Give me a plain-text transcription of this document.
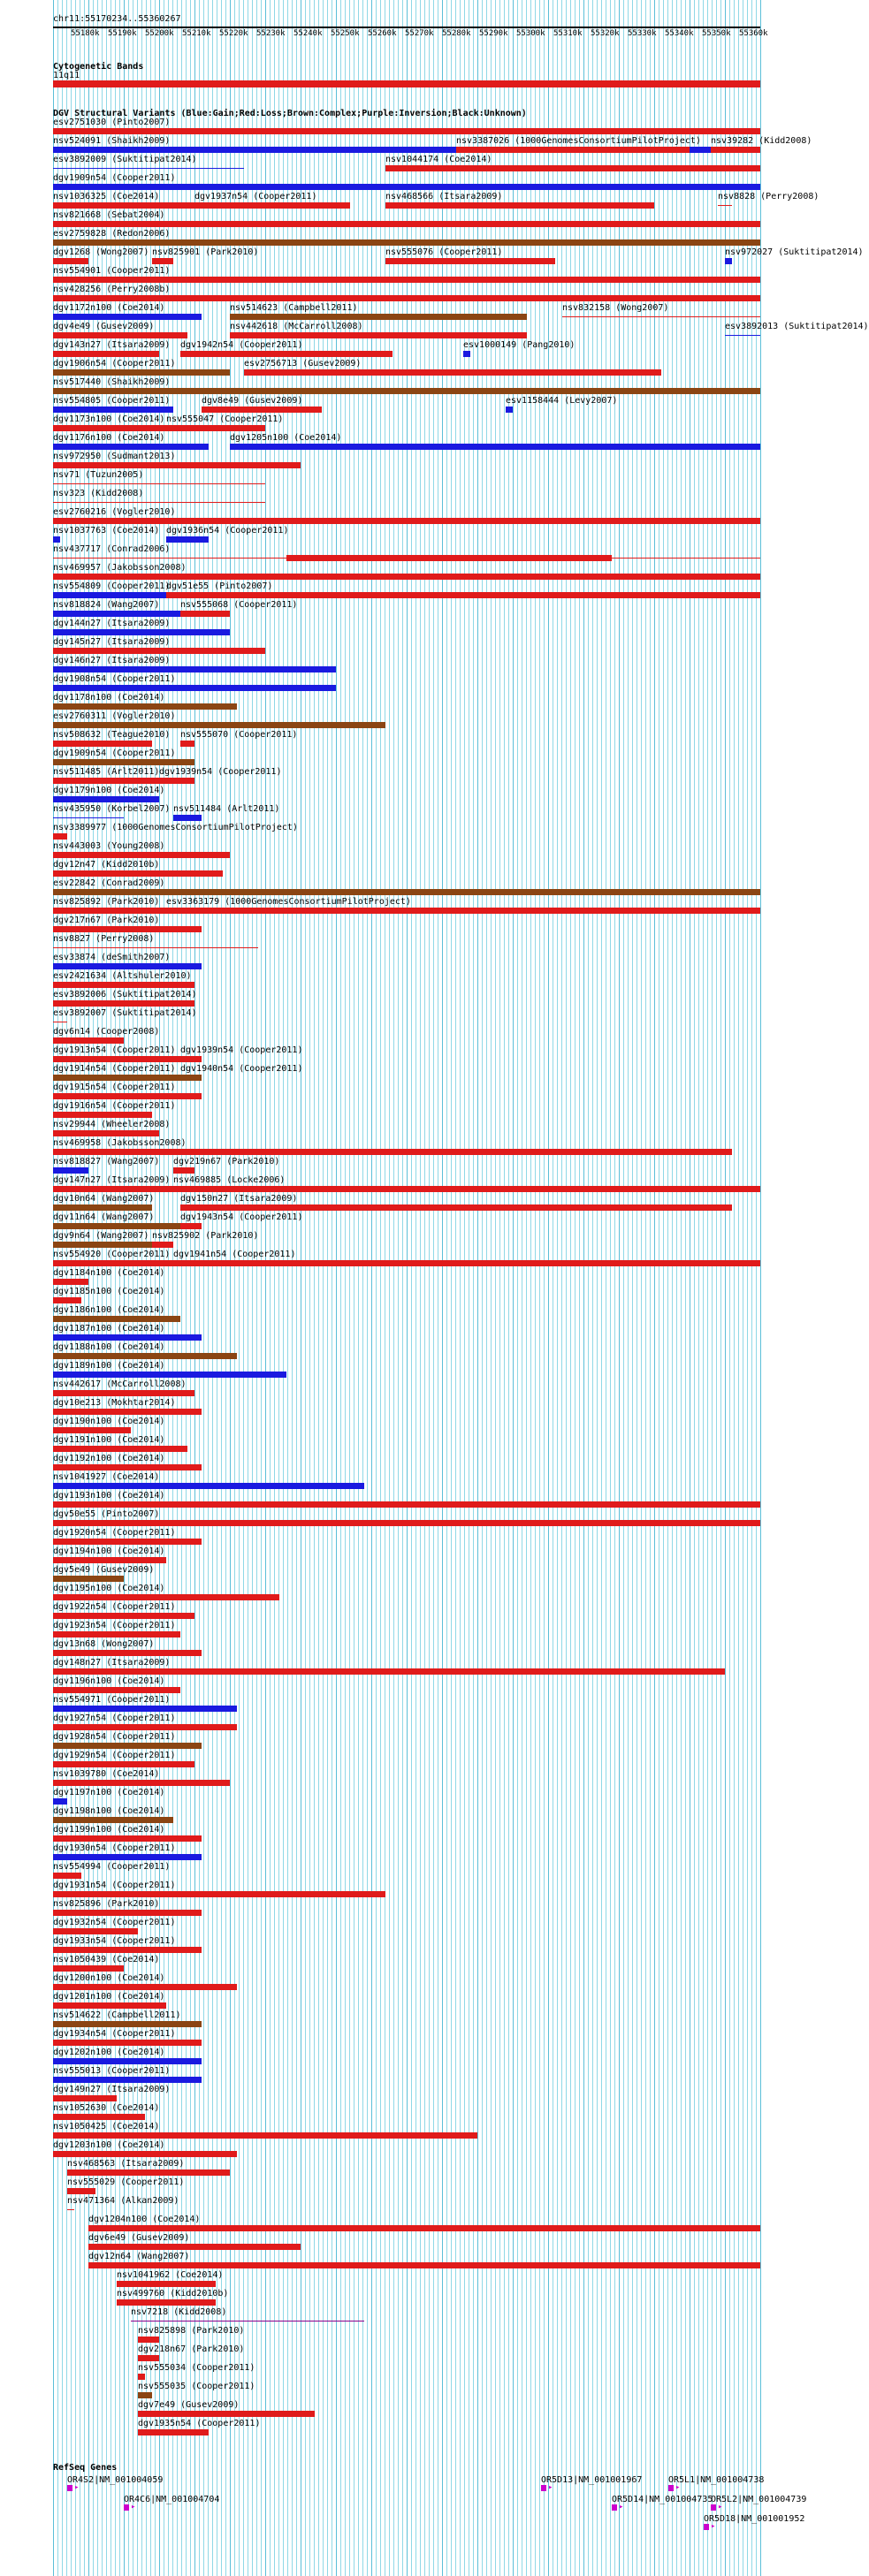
chr11:55170234..55360267
55180k 55190k 55200k 55210k 55220k 55230k 55240k 55250k 55260k 55270k 55280k 55290k 55300k 55310k 55320k 55330k 55340k 55350k 55360k
Cytogenetic Bands
11q11
DGV Structural Variants (Blue:Gain;Red:Loss;Brown:Complex;Purple:Inversion;Black:Unknown)
esv2751030 (Pinto2007)
nsv524091 (Shaikh2009)	nsv3387026 (1000GenomesConsortiumPilotProject) nsv39282 (Kidd2008)
esv3892009 (Suktitipat2014)	nsv1044174 (Coe2014)
dgv1909n54 (Cooper2011)
nsv1036325 (Coe2014)	dgv1937n54 (Cooper2011)	nsv468566 (Itsara2009)	nsv8828 (Perry2008)
nsv821668 (Sebat2004)
esv2759828 (Redon2006)
dgv1268 (Wong2007) nsv825901 (Park2010)	nsv555076 (Cooper2011)	nsv972027 (Suktitipat2014)
nsv554901 (Cooper2011)
nsv428256 (Perry2008b)
dgv1172n100 (Coe2014)	nsv514623 (Campbell2011)	nsv832158 (Wong2007)
dgv4e49 (Gusev2009)	nsv442618 (McCarroll2008)	esv3892013 (Suktitipat2014)
dgv143n27 (Itsara2009) dgv1942n54 (Cooper2011)	esv1000149 (Pang2010)
dgv1906n54 (Cooper2011)	esv2756713 (Gusev2009)
nsv517440 (Shaikh2009)
nsv554805 (Cooper2011)	dgv8e49 (Gusev2009)	esv1158444 (Levy2007)
dgv1173n100 (Coe2014) nsv555047 (Cooper2011)
dgv1176n100 (Coe2014)	dgv1205n100 (Coe2014)
nsv972950 (Sudmant2013)
nsv71 (Tuzun2005)
nsv323 (Kidd2008)
esv2760216 (Vogler2010)
nsv1037763 (Coe2014) dgv1936n54 (Cooper2011)
nsv437717 (Conrad2006)
nsv469957 (Jakobsson2008)
nsv554809 (Cooper2011)
dgv51e55 (Pinto2007)
nsv818824 (Wang2007) nsv555068 (Cooper2011)
dgv144n27 (Itsara2009)
dgv145n27 (Itsara2009)
dgv146n27 (Itsara2009)
dgv1908n54 (Cooper2011)
dgv1178n100 (Coe2014)
esv2760311 (Vogler2010)
nsv508632 (Teague2010) nsv555070 (Cooper2011)
dgv1909n54 (Cooper2011)
nsv511485 (Arlt2011) dgv1939n54 (Cooper2011)
dgv1179n100 (Coe2014)
nsv435950 (Korbel2007) nsv511484 (Arlt2011)
nsv3389977 (1000GenomesConsortiumPilotProject)
nsv443003 (Young2008)
dgv12n47 (Kidd2010b)
esv22842 (Conrad2009)
nsv825892 (Park2010) esv3363179 (1000GenomesConsortiumPilotProject)
dgv217n67 (Park2010)
nsv8827 (Perry2008)
esv33874 (deSmith2007)
esv2421634 (Altshuler2010)
esv3892006 (Suktitipat2014)
esv3892007 (Suktitipat2014)
dgv6n14 (Cooper2008)
dgv1913n54 (Cooper2011) dgv1939n54 (Cooper2011)
dgv1914n54 (Cooper2011) dgv1940n54 (Cooper2011)
dgv1915n54 (Cooper2011)
dgv1916n54 (Cooper2011)
nsv29944 (Wheeler2008)
nsv469958 (Jakobsson2008)
nsv818827 (Wang2007) dgv219n67 (Park2010)
dgv147n27 (Itsara2009) nsv469885 (Locke2006)
dgv10n64 (Wang2007)	dgv150n27 (Itsara2009)
dgv11n64 (Wang2007)	dgv1943n54 (Cooper2011)
dgv9n64 (Wang2007) nsv825902 (Park2010)
nsv554920 (Cooper2011) dgv1941n54 (Cooper2011)
dgv1184n100 (Coe2014)
dgv1185n100 (Coe2014)
dgv1186n100 (Coe2014)
dgv1187n100 (Coe2014)
dgv1188n100 (Coe2014)
dgv1189n100 (Coe2014)
nsv442617 (McCarroll2008)
dgv10e213 (Mokhtar2014)
dgv1190n100 (Coe2014)
dgv1191n100 (Coe2014)
dgv1192n100 (Coe2014)
nsv1041927 (Coe2014)
dgv1193n100 (Coe2014)
dgv50e55 (Pinto2007)
dgv1920n54 (Cooper2011)
dgv1194n100 (Coe2014)
dgv5e49 (Gusev2009)
dgv1195n100 (Coe2014)
dgv1922n54 (Cooper2011)
dgv1923n54 (Cooper2011)
dgv13n68 (Wong2007)
dgv148n27 (Itsara2009)
dgv1196n100 (Coe2014)
nsv554971 (Cooper2011)
dgv1927n54 (Cooper2011)
dgv1928n54 (Cooper2011)
dgv1929n54 (Cooper2011)
nsv1039780 (Coe2014)
dgv1197n100 (Coe2014)
dgv1198n100 (Coe2014)
dgv1199n100 (Coe2014)
dgv1930n54 (Cooper2011)
nsv554994 (Cooper2011)
dgv1931n54 (Cooper2011)
nsv825896 (Park2010)
dgv1932n54 (Cooper2011)
dgv1933n54 (Cooper2011)
nsv1050439 (Coe2014)
dgv1200n100 (Coe2014)
dgv1201n100 (Coe2014)
nsv514622 (Campbell2011)
dgv1934n54 (Cooper2011)
dgv1202n100 (Coe2014)
nsv555013 (Cooper2011)
dgv149n27 (Itsara2009)
nsv1052630 (Coe2014)
nsv1050425 (Coe2014)
dgv1203n100 (Coe2014)
nsv468563 (Itsara2009)
nsv555029 (Cooper2011)
nsv471364 (Alkan2009)
dgv1204n100 (Coe2014)
dgv6e49 (Gusev2009)
dgv12n64 (Wang2007)
nsv1041962 (Coe2014)
nsv499760 (Kidd2010b)
nsv7218 (Kidd2008)
nsv825898 (Park2010)
dgv218n67 (Park2010)
nsv555034 (Cooper2011)
nsv555035 (Cooper2011)
dgv7e49 (Gusev2009)
dgv1935n54 (Cooper2011)
RefSeq Genes
OR4S2|NM_001004059
▸
OR5D13|NM_001001967
▸
OR5L1|NM_001004738
▸
OR4C6|NM_001004704
▸
OR5D14|NM_001004735
▸
OR5L2|NM_001004739
▸
OR5D18|NM_001001952
▸
